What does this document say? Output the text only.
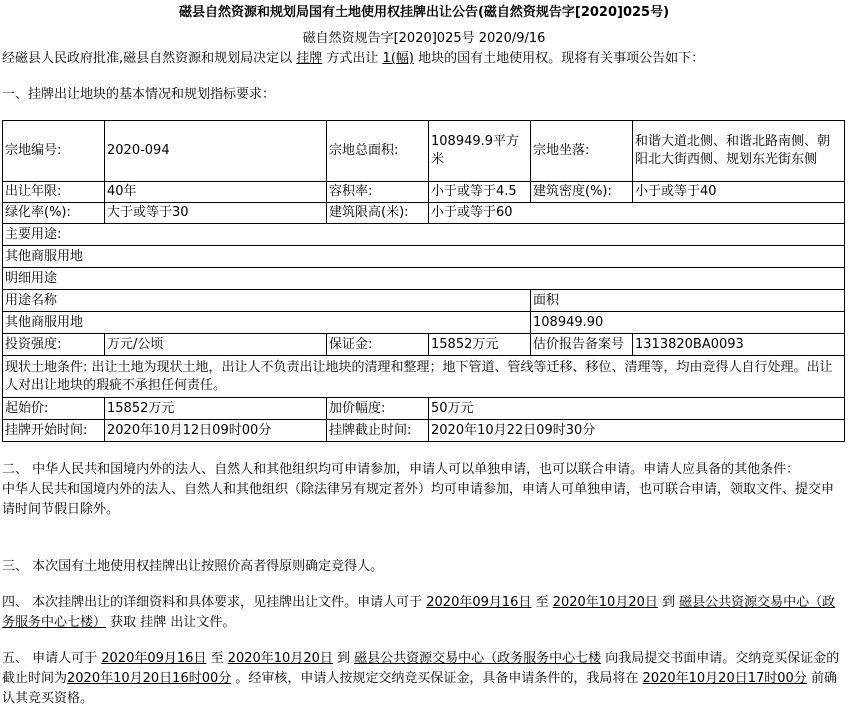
磁县自然资源和规划局国有土地使用权挂牌出让公告(磁自然资规告字[2020]025号)
磁自然资规告字[2020]025号 2020/9/16
经磁县人民政府批准,磁县自然资源和规划局决定以 挂牌 方式出让 1(幅) 地块的国有土地使用权。现将有关事项公告如下：
一、挂牌出让地块的基本情况和规划指标要求：
宗地编号:	2020-094	宗地总面积:	108949.9平方米	宗地坐落:	和谐大道北侧、和谐北路南侧、朝阳北大街西侧、规划东光街东侧
出让年限:	40年	容积率:	小于或等于4.5	建筑密度(%):	小于或等于40
绿化率(%):	大于或等于30	建筑限高(米):	小于或等于60		
主要用途:					
其他商服用地					
明细用途					
用途名称				面积	
其他商服用地				108949.90	
投资强度:	万元/公顷	保证金:	15852万元	估价报告备案号	1313820BA0093
现状土地条件: 出让土地为现状土地，出让人不负责出让地块的清理和整理；地下管道、管线等迁移、移位、清理等，均由竞得人自行处理。出让人对出让地块的瑕疵不承担任何责任。					
起始价:	15852万元	加价幅度:	50万元		
挂牌开始时间:	2020年10月12日09时00分	挂牌截止时间:	2020年10月22日09时30分		
二、 中华人民共和国境内外的法人、自然人和其他组织均可申请参加，申请人可以单独申请，也可以联合申请。申请人应具备的其他条件：
中华人民共和国境内外的法人、自然人和其他组织（除法律另有规定者外）均可申请参加，申请人可单独申请，也可联合申请，领取文件、提交申请时间节假日除外。
三、 本次国有土地使用权挂牌出让按照价高者得原则确定竞得人。
四、 本次挂牌出让的详细资料和具体要求，见挂牌出让文件。申请人可于 2020年09月16日 至 2020年10月20日 到 磁县公共资源交易中心（政务服务中心七楼） 获取 挂牌 出让文件。
五、 申请人可于 2020年09月16日 至 2020年10月20日 到 磁县公共资源交易中心（政务服务中心七楼 向我局提交书面申请。交纳竞买保证金的截止时间为2020年10月20日16时00分 。经审核，申请人按规定交纳竞买保证金，具备申请条件的，我局将在 2020年10月20日17时00分 前确认其竞买资格。
